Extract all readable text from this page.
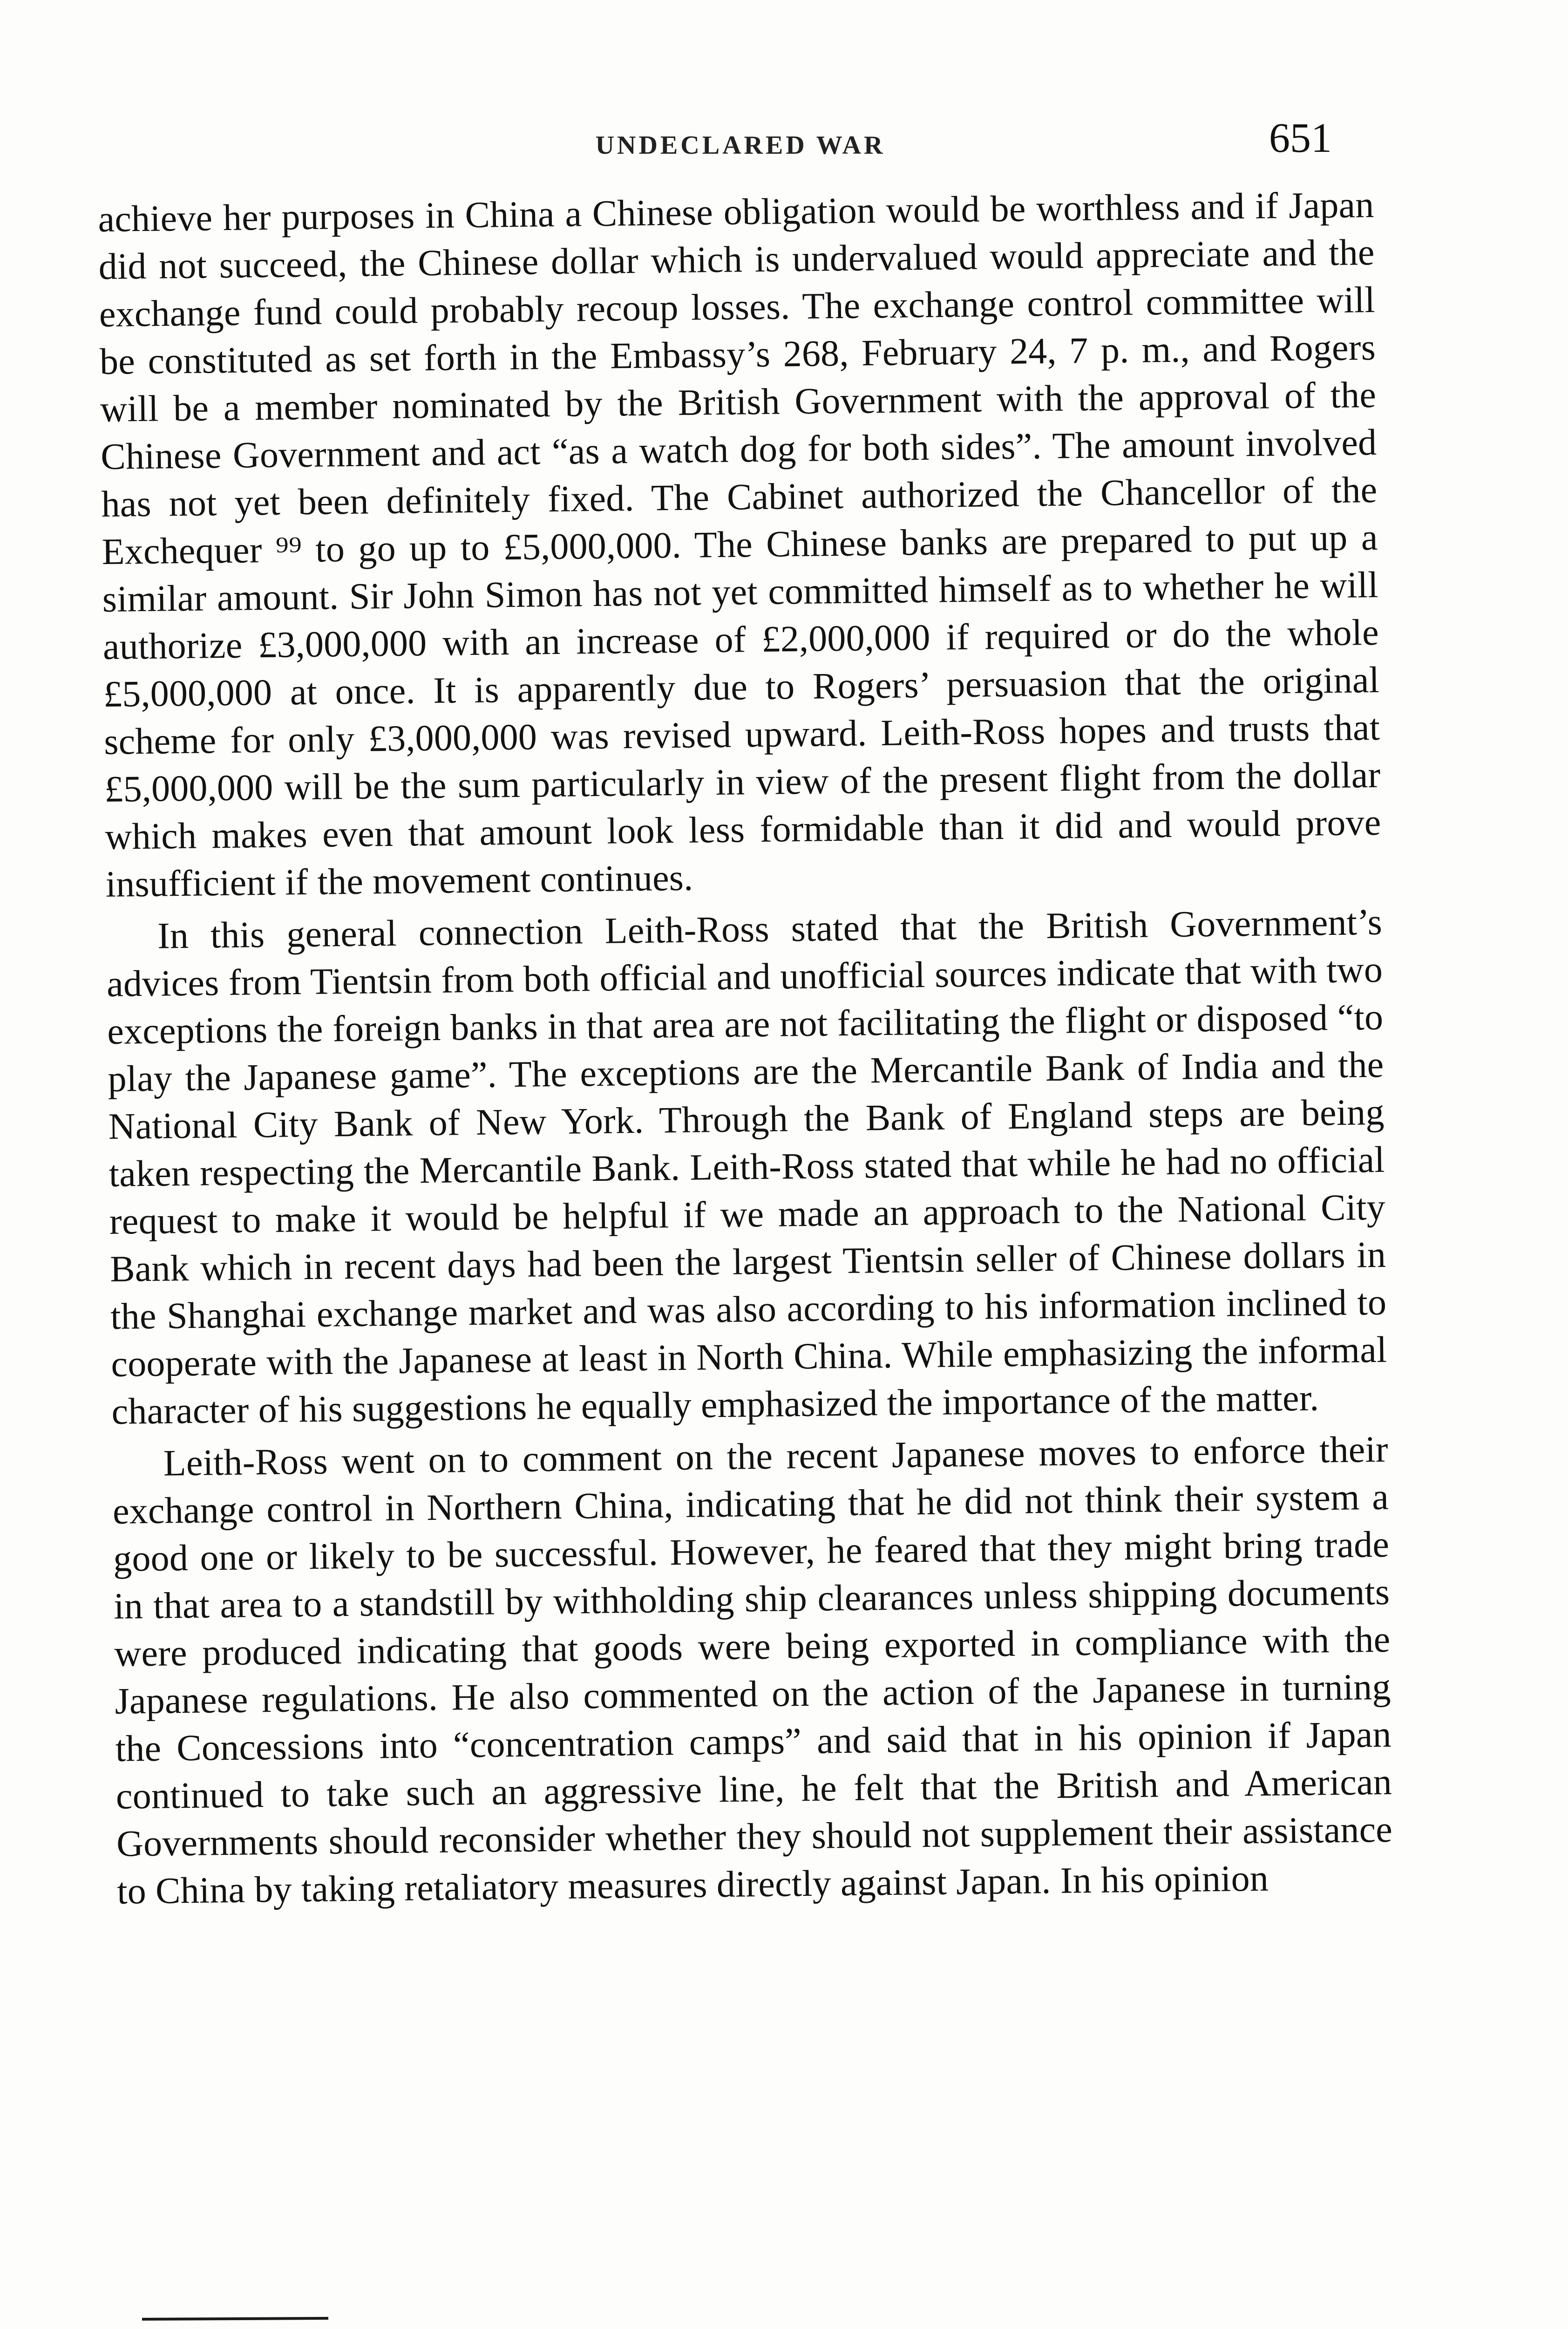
UNDECLARED WAR	651

achieve her purposes in China a Chinese obligation would be worthless and if Japan did not succeed, the Chinese dollar which is undervalued would appreciate and the exchange fund could probably recoup losses. The exchange control committee will be constituted as set forth in the Embassy’s 268, February 24, 7 p. m., and Rogers will be a member nominated by the British Government with the approval of the Chinese Government and act “as a watch dog for both sides”. The amount involved has not yet been definitely fixed. The Cabinet authorized the Chancellor of the Exchequer ⁹⁹ to go up to £5,000,000. The Chinese banks are prepared to put up a similar amount. Sir John Simon has not yet committed himself as to whether he will authorize £3,000,000 with an increase of £2,000,000 if required or do the whole £5,000,000 at once. It is apparently due to Rogers’ persuasion that the original scheme for only £3,000,000 was revised upward. Leith-Ross hopes and trusts that £5,000,000 will be the sum particularly in view of the present flight from the dollar which makes even that amount look less formidable than it did and would prove insufficient if the movement continues.

In this general connection Leith-Ross stated that the British Government’s advices from Tientsin from both official and unofficial sources indicate that with two exceptions the foreign banks in that area are not facilitating the flight or disposed “to play the Japanese game”. The exceptions are the Mercantile Bank of India and the National City Bank of New York. Through the Bank of England steps are being taken respecting the Mercantile Bank. Leith-Ross stated that while he had no official request to make it would be helpful if we made an approach to the National City Bank which in recent days had been the largest Tientsin seller of Chinese dollars in the Shanghai exchange market and was also according to his information inclined to cooperate with the Japanese at least in North China. While emphasizing the informal character of his suggestions he equally emphasized the importance of the matter.

Leith-Ross went on to comment on the recent Japanese moves to enforce their exchange control in Northern China, indicating that he did not think their system a good one or likely to be successful. However, he feared that they might bring trade in that area to a standstill by withholding ship clearances unless shipping documents were produced indicating that goods were being exported in compliance with the Japanese regulations. He also commented on the action of the Japanese in turning the Concessions into “concentration camps” and said that in his opinion if Japan continued to take such an aggressive line, he felt that the British and American Governments should reconsider whether they should not supplement their assistance to China by taking retaliatory measures directly against Japan. In his opinion
